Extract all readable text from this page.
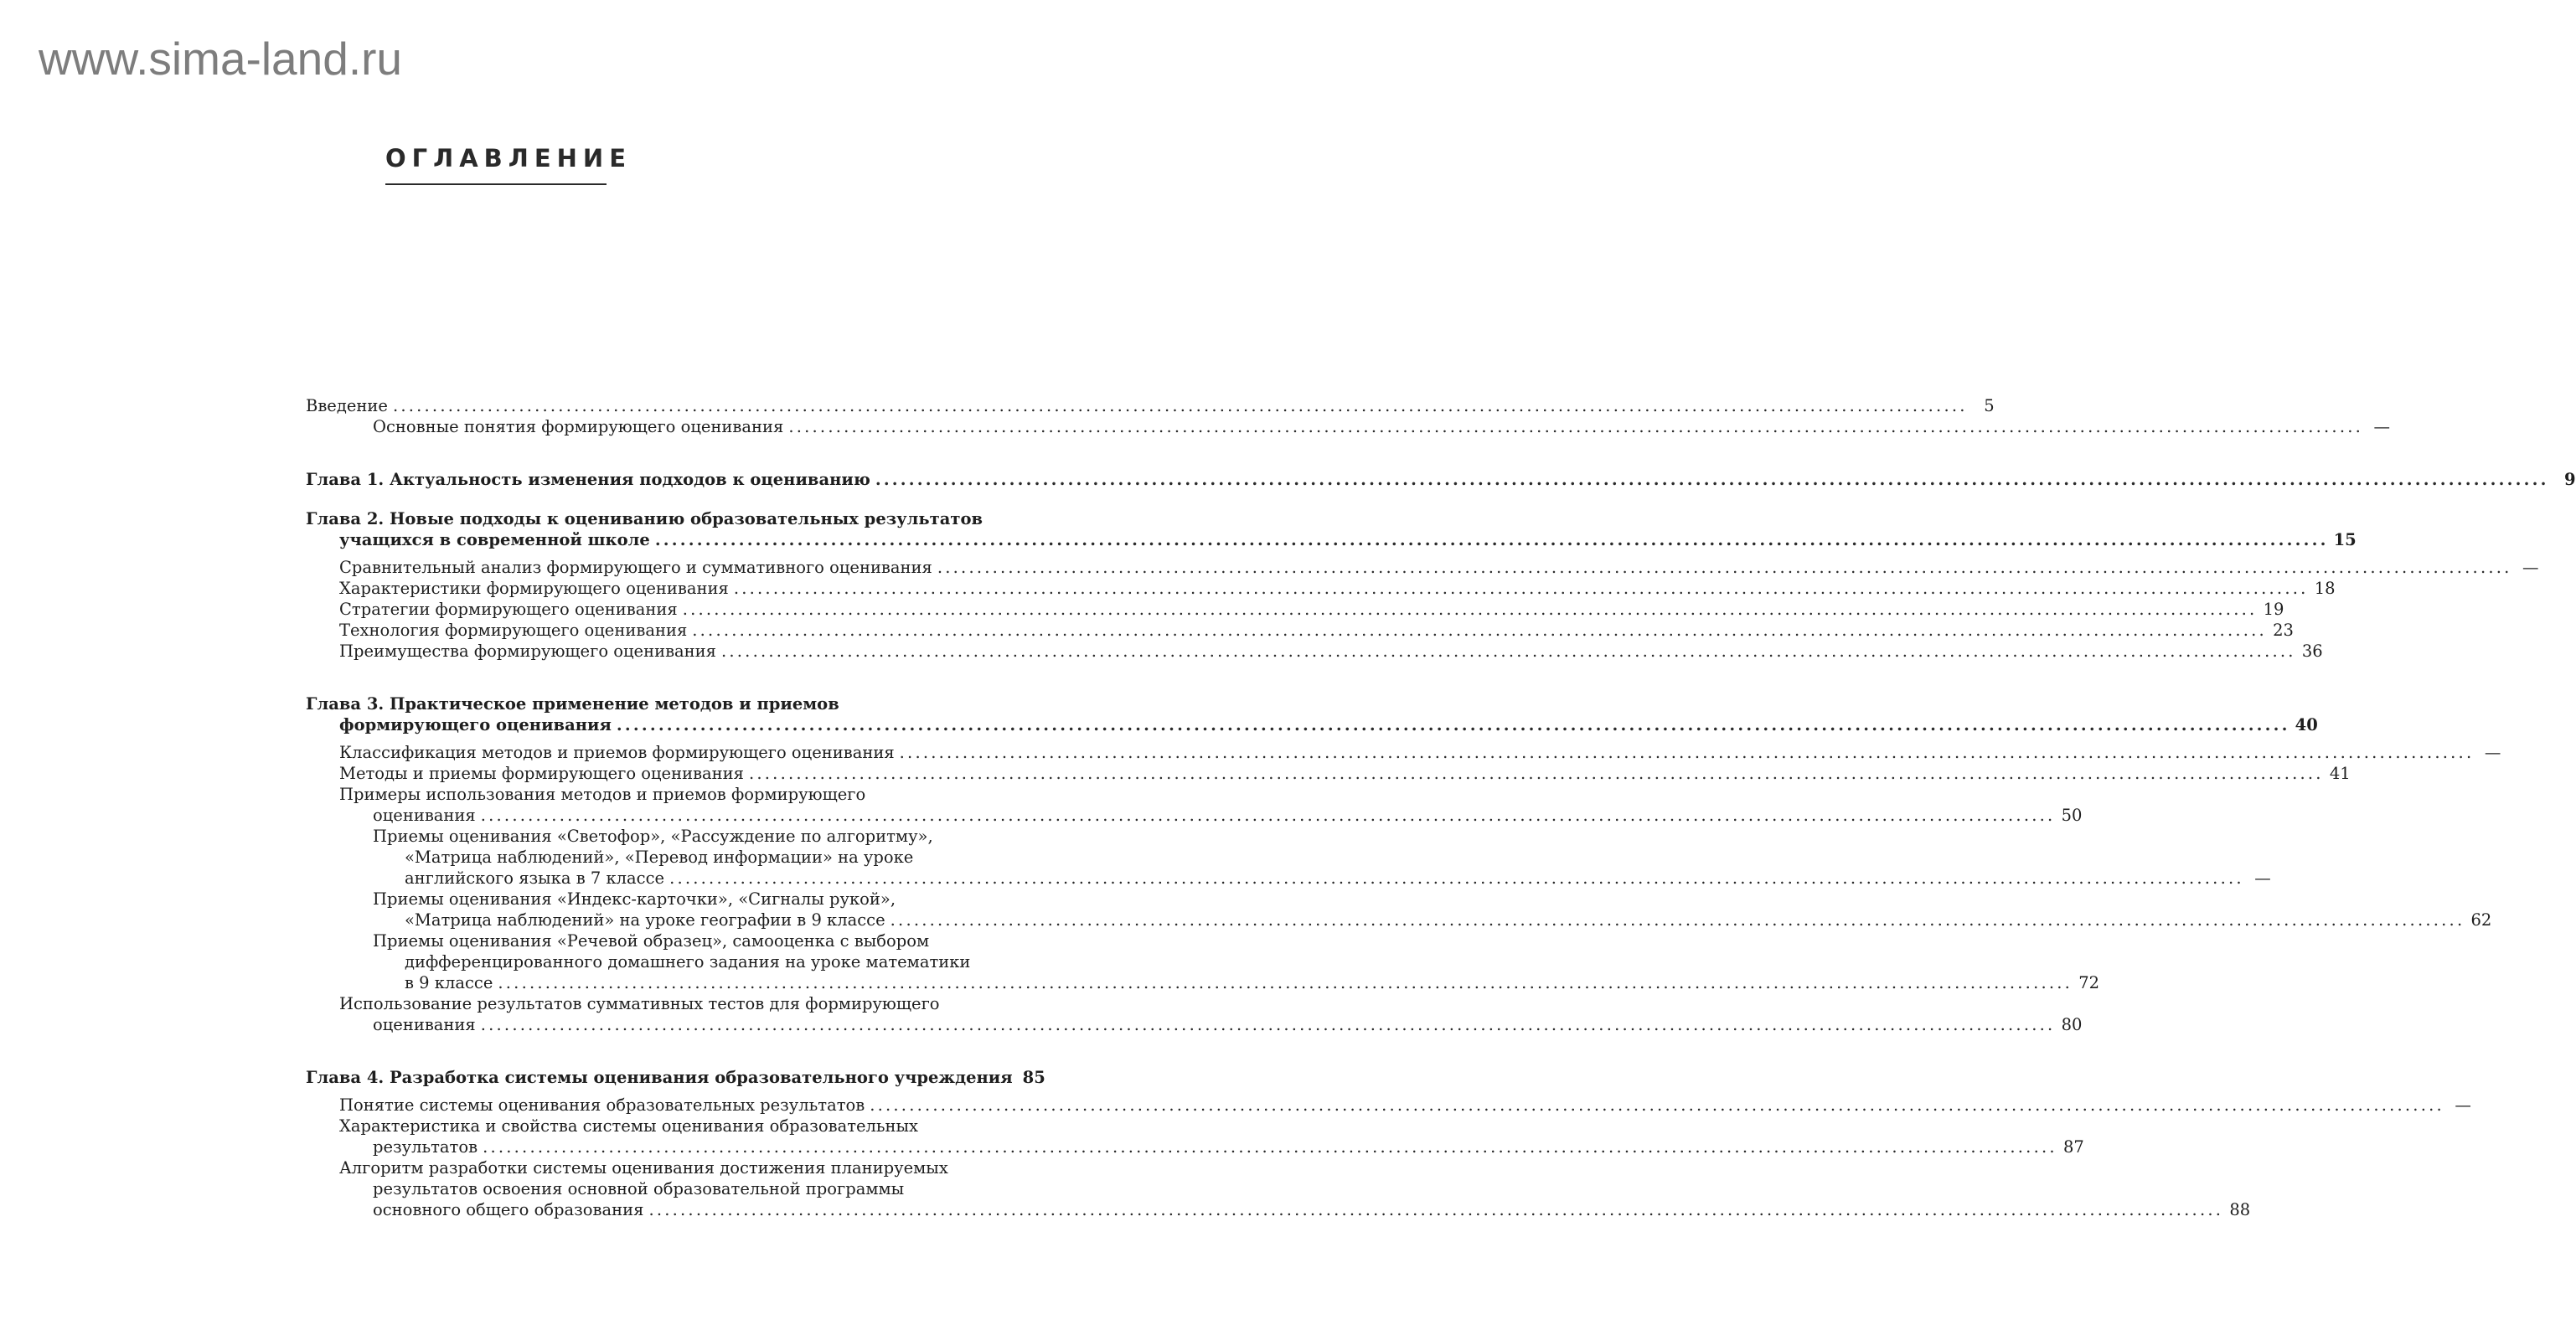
www.sima-land.ru
ОГЛАВЛЕНИЕ
Введение ........................................................................................................................................................................................................	5
Основные понятия формирующего оценивания ........................................................................................................................................................................................................ —
Глава 1. Актуальность изменения подходов к оцениванию ........................................................................................................................................................................................................ 9
Глава 2. Новые подходы к оцениванию образовательных результатов
учащихся в современной школе ........................................................................................................................................................................................................ 15
Сравнительный анализ формирующего и суммативного оценивания ........................................................................................................................................................................................................ —
Характеристики формирующего оценивания ........................................................................................................................................................................................................ 18
Стратегии формирующего оценивания ........................................................................................................................................................................................................ 19
Технология формирующего оценивания ........................................................................................................................................................................................................ 23
Преимущества формирующего оценивания ........................................................................................................................................................................................................ 36
Глава 3. Практическое применение методов и приемов
формирующего оценивания ........................................................................................................................................................................................................ 40
Классификация методов и приемов формирующего оценивания ........................................................................................................................................................................................................ —
Методы и приемы формирующего оценивания ........................................................................................................................................................................................................ 41
Примеры использования методов и приемов формирующего
оценивания ........................................................................................................................................................................................................ 50
Приемы оценивания «Светофор», «Рассуждение по алгоритму»,
«Матрица наблюдений», «Перевод информации» на уроке
английского языка в 7 классе ........................................................................................................................................................................................................ —
Приемы оценивания «Индекс-карточки», «Сигналы рукой»,
«Матрица наблюдений» на уроке географии в 9 классе ........................................................................................................................................................................................................ 62
Приемы оценивания «Речевой образец», самооценка с выбором
дифференцированного домашнего задания на уроке математики
в 9 классе ........................................................................................................................................................................................................ 72
Использование результатов суммативных тестов для формирующего
оценивания ........................................................................................................................................................................................................ 80
Глава 4. Разработка системы оценивания образовательного учреждения 85
Понятие системы оценивания образовательных результатов ........................................................................................................................................................................................................ —
Характеристика и свойства системы оценивания образовательных
результатов ........................................................................................................................................................................................................ 87
Алгоритм разработки системы оценивания достижения планируемых
результатов освоения основной образовательной программы
основного общего образования ........................................................................................................................................................................................................ 88
